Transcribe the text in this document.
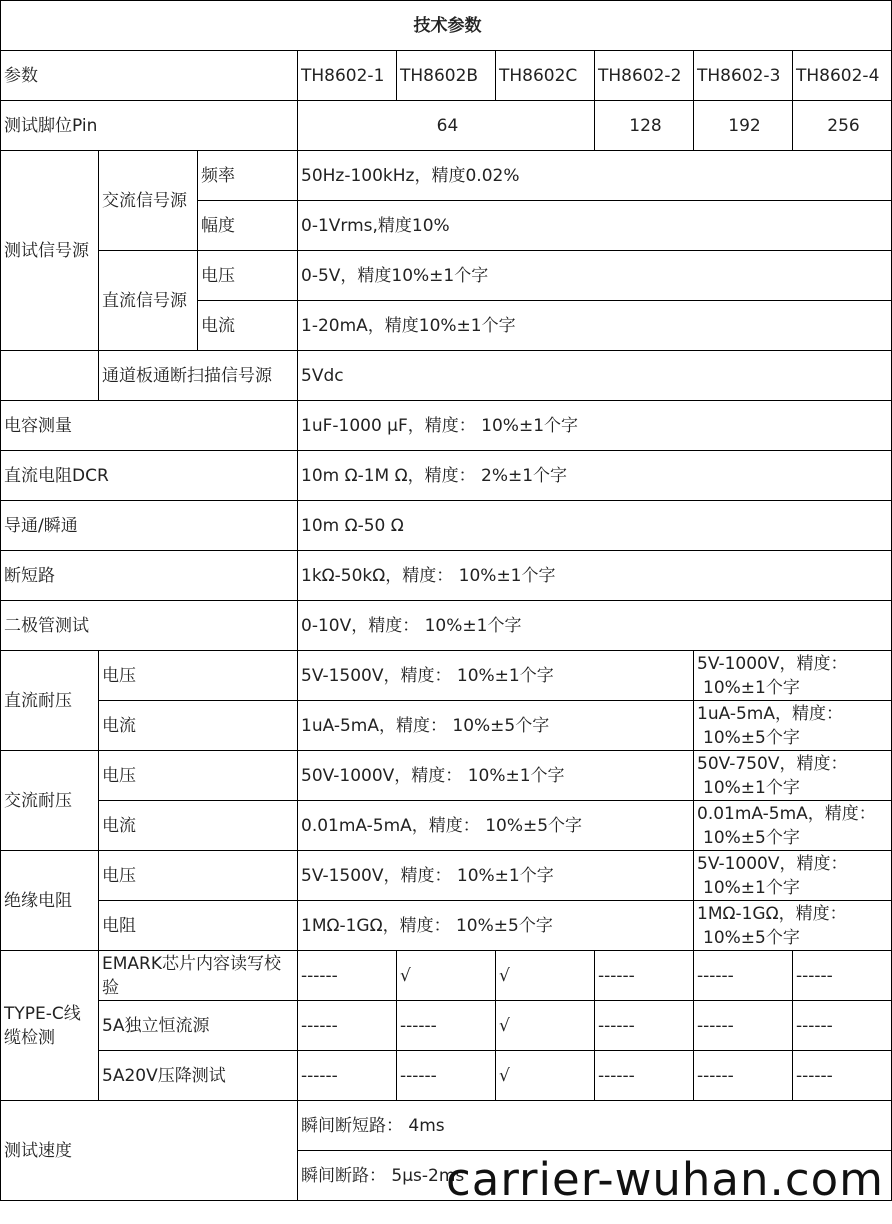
技术参数								
参数			TH8602-1	TH8602B	TH8602C	TH8602-2	TH8602-3	TH8602-4
测试脚位Pin			64			128	192	256
测试信号源	交流信号源	频率	50Hz-100kHz，精度0.02%					
		幅度	0-1Vrms,精度10%					
	直流信号源	电压	0-5V，精度10%±1个字					
		电流	1-20mA，精度10%±1个字					
	通道板通断扫描信号源		5Vdc					
电容测量			1uF-1000 μF，精度： 10%±1个字					
直流电阻DCR			10m Ω-1M Ω，精度： 2%±1个字					
导通/瞬通			10m Ω-50 Ω					
断短路			1kΩ-50kΩ，精度： 10%±1个字					
二极管测试			0-10V，精度： 10%±1个字					
直流耐压	电压		5V-1500V，精度： 10%±1个字				5V-1000V，精度：
10%±1个字	
	电流		1uA-5mA，精度： 10%±5个字				1uA-5mA，精度：
10%±5个字	
交流耐压	电压		50V-1000V，精度： 10%±1个字				50V-750V，精度：
10%±1个字	
	电流		0.01mA-5mA，精度： 10%±5个字				0.01mA-5mA，精度：
10%±5个字	
绝缘电阻	电压		5V-1500V，精度： 10%±1个字				5V-1000V，精度：
10%±1个字	
	电阻		1MΩ-1GΩ，精度： 10%±5个字				1MΩ-1GΩ，精度：
10%±5个字	
TYPE-C线
缆检测	EMARK芯片内容读写校
验		------	√	√	------	------	------
	5A独立恒流源		------	------	√	------	------	------
	5A20V压降测试		------	------	√	------	------	------
测试速度			瞬间断短路： 4ms					
			瞬间断路： 5μs-2ms					
carrier-wuhan.com
